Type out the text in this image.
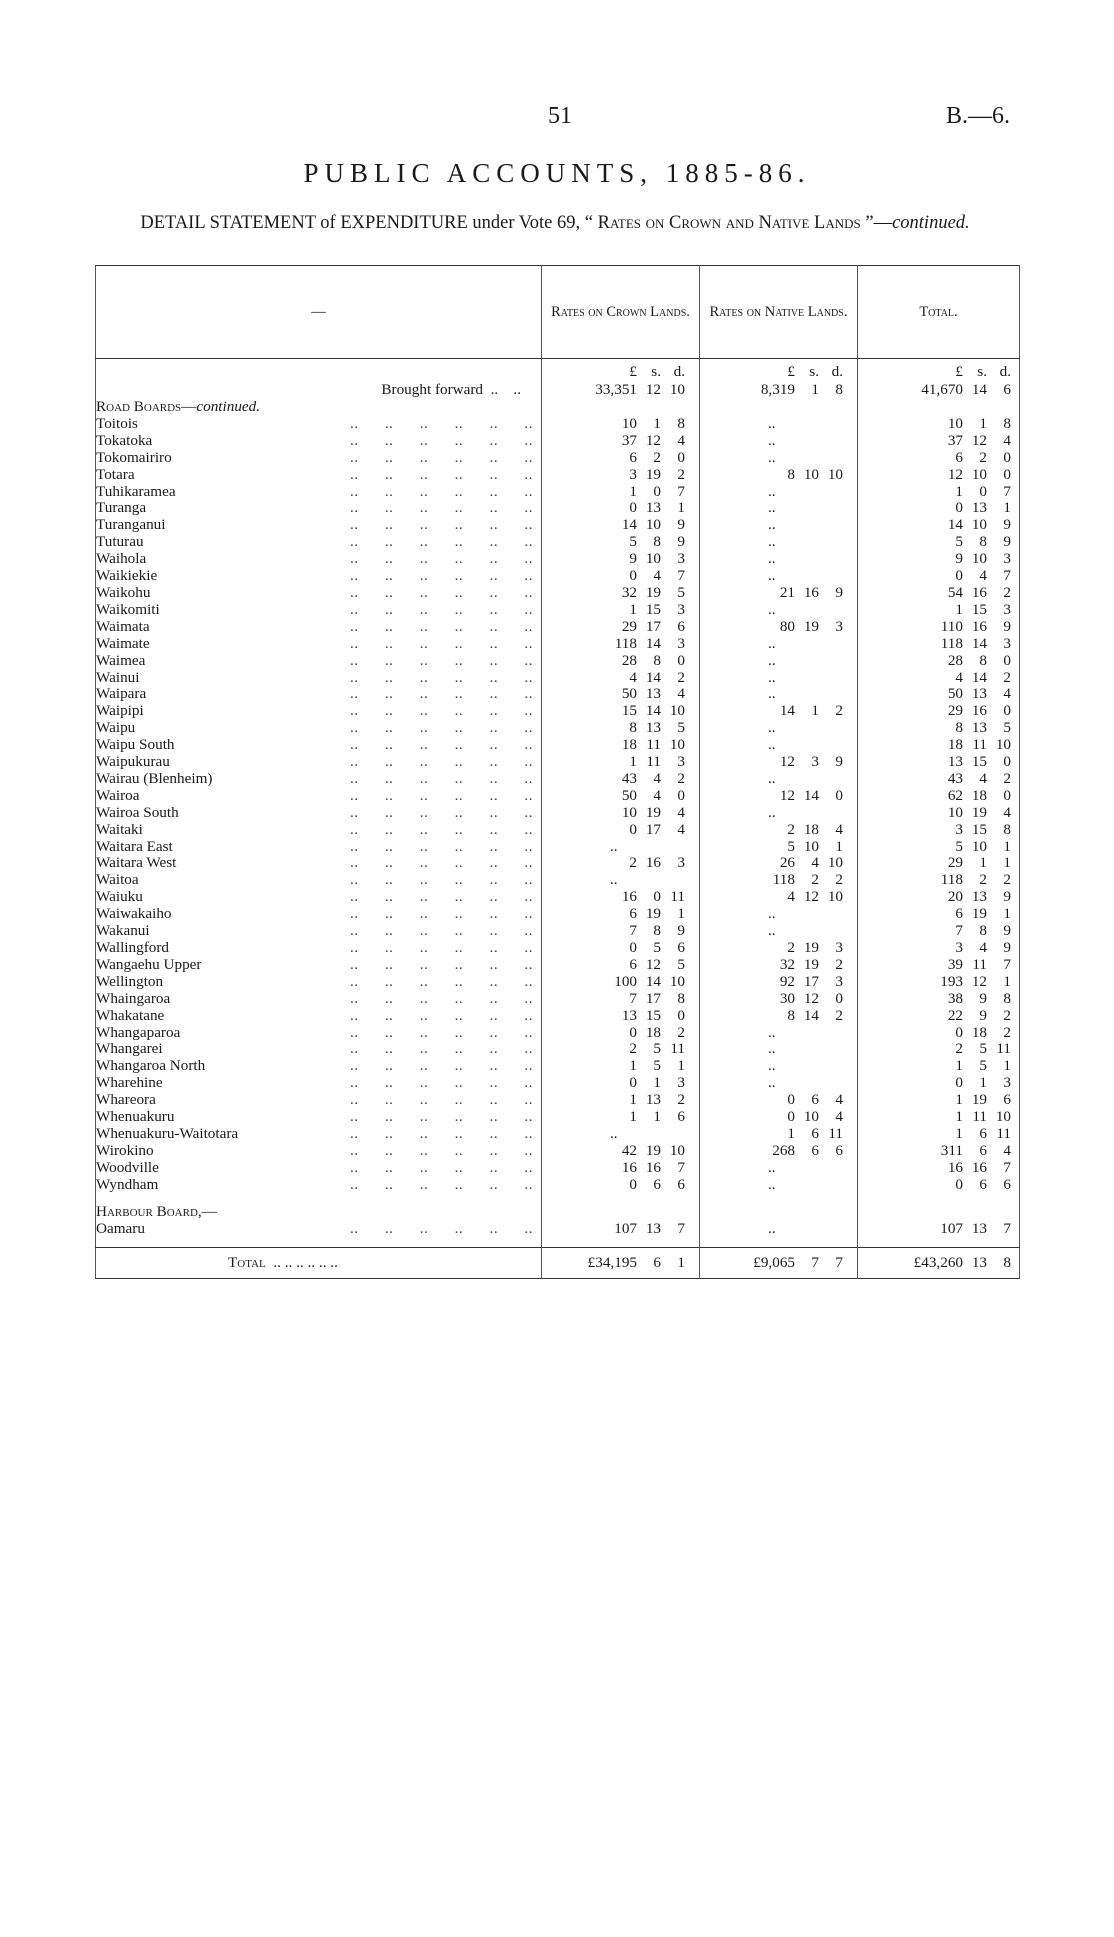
51	B.—6.
PUBLIC ACCOUNTS, 1885-86.
DETAIL STATEMENT of EXPENDITURE under Vote 69, “ Rates on Crown and Native Lands ”—continued.
—	Rates on Crown Lands.	Rates on Native Lands.	Total.

	£ s. d.	£ s. d.	£ s. d.

Brought forward  ..    ..	33,351 12 10	8,319 1 8	41,670 14 6

Road Boards—continued.			
Toitois .. .. .. .. .. ..	10 1 8	..	10 1 8

Tokatoka .. .. .. .. .. ..	37 12 4	..	37 12 4

Tokomairiro .. .. .. .. .. ..	6 2 0	..	6 2 0

Totara .. .. .. .. .. ..	3 19 2	8 10 10	12 10 0

Tuhikaramea .. .. .. .. .. ..	1 0 7	..	1 0 7

Turanga .. .. .. .. .. ..	0 13 1	..	0 13 1

Turanganui .. .. .. .. .. ..	14 10 9	..	14 10 9

Tuturau .. .. .. .. .. ..	5 8 9	..	5 8 9

Waihola .. .. .. .. .. ..	9 10 3	..	9 10 3

Waikiekie .. .. .. .. .. ..	0 4 7	..	0 4 7

Waikohu .. .. .. .. .. ..	32 19 5	21 16 9	54 16 2

Waikomiti .. .. .. .. .. ..	1 15 3	..	1 15 3

Waimata .. .. .. .. .. ..	29 17 6	80 19 3	110 16 9

Waimate .. .. .. .. .. ..	118 14 3	..	118 14 3

Waimea .. .. .. .. .. ..	28 8 0	..	28 8 0

Wainui .. .. .. .. .. ..	4 14 2	..	4 14 2

Waipara .. .. .. .. .. ..	50 13 4	..	50 13 4

Waipipi .. .. .. .. .. ..	15 14 10	14 1 2	29 16 0

Waipu .. .. .. .. .. ..	8 13 5	..	8 13 5

Waipu South .. .. .. .. .. ..	18 11 10	..	18 11 10

Waipukurau .. .. .. .. .. ..	1 11 3	12 3 9	13 15 0

Wairau (Blenheim) .. .. .. .. .. ..	43 4 2	..	43 4 2

Wairoa .. .. .. .. .. ..	50 4 0	12 14 0	62 18 0

Wairoa South .. .. .. .. .. ..	10 19 4	..	10 19 4

Waitaki .. .. .. .. .. ..	0 17 4	2 18 4	3 15 8

Waitara East .. .. .. .. .. ..	..	5 10 1	5 10 1

Waitara West .. .. .. .. .. ..	2 16 3	26 4 10	29 1 1

Waitoa .. .. .. .. .. ..	..	118 2 2	118 2 2

Waiuku .. .. .. .. .. ..	16 0 11	4 12 10	20 13 9

Waiwakaiho .. .. .. .. .. ..	6 19 1	..	6 19 1

Wakanui .. .. .. .. .. ..	7 8 9	..	7 8 9

Wallingford .. .. .. .. .. ..	0 5 6	2 19 3	3 4 9

Wangaehu Upper .. .. .. .. .. ..	6 12 5	32 19 2	39 11 7

Wellington .. .. .. .. .. ..	100 14 10	92 17 3	193 12 1

Whaingaroa .. .. .. .. .. ..	7 17 8	30 12 0	38 9 8

Whakatane .. .. .. .. .. ..	13 15 0	8 14 2	22 9 2

Whangaparoa .. .. .. .. .. ..	0 18 2	..	0 18 2

Whangarei .. .. .. .. .. ..	2 5 11	..	2 5 11

Whangaroa North .. .. .. .. .. ..	1 5 1	..	1 5 1

Wharehine .. .. .. .. .. ..	0 1 3	..	0 1 3

Whareora .. .. .. .. .. ..	1 13 2	0 6 4	1 19 6

Whenuakuru .. .. .. .. .. ..	1 1 6	0 10 4	1 11 10

Whenuakuru-Waitotara .. .. .. .. .. ..	..	1 6 11	1 6 11

Wirokino .. .. .. .. .. ..	42 19 10	268 6 6	311 6 4

Woodville .. .. .. .. .. ..	16 16 7	..	16 16 7

Wyndham .. .. .. .. .. ..	0 6 6	..	0 6 6

Harbour Board,—			
Oamaru .. .. .. .. .. ..	107 13 7	..	107 13 7

Total .. .. .. .. .. ..	£34,195 6 1	£9,065 7 7	£43,260 13 8
